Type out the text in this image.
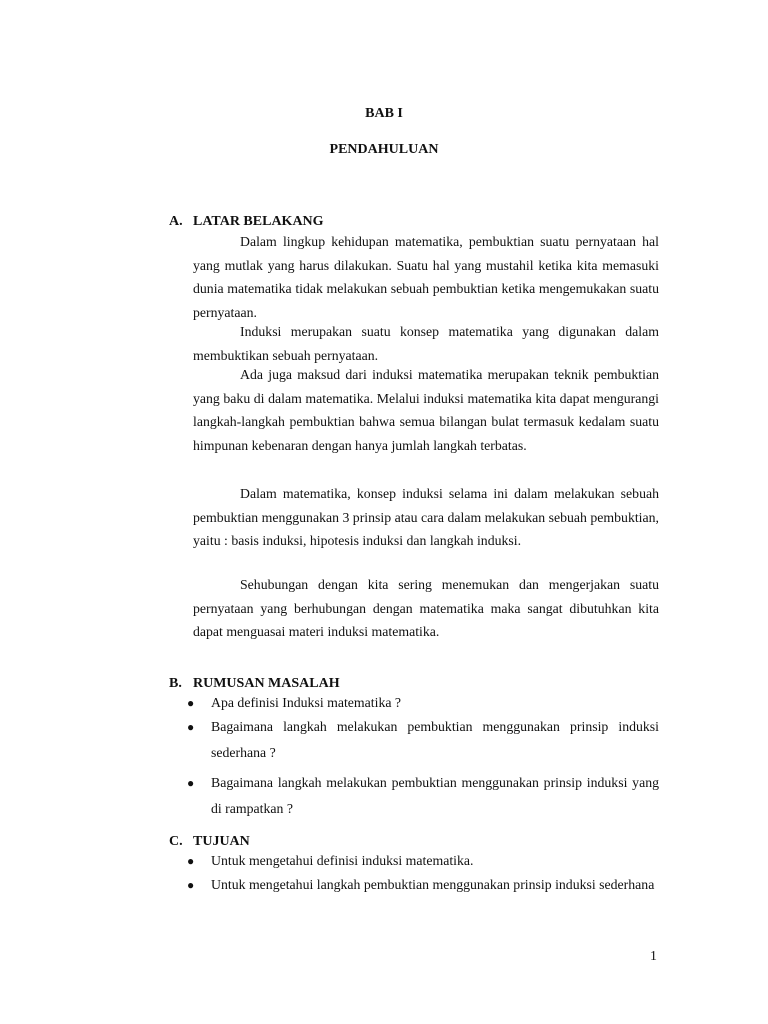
BAB I
PENDAHULUAN
A. LATAR BELAKANG

Dalam lingkup kehidupan matematika, pembuktian suatu pernyataan hal yang mutlak yang harus dilakukan. Suatu hal yang mustahil ketika kita memasuki dunia matematika tidak melakukan sebuah pembuktian ketika mengemukakan suatu pernyataan.

Induksi merupakan suatu konsep matematika yang digunakan dalam membuktikan sebuah pernyataan.

Ada juga maksud dari induksi matematika merupakan teknik pembuktian yang baku di dalam matematika. Melalui induksi matematika kita dapat mengurangi langkah-langkah pembuktian bahwa semua bilangan bulat termasuk kedalam suatu himpunan kebenaran dengan hanya jumlah langkah terbatas.

Dalam matematika, konsep induksi selama ini dalam melakukan sebuah pembuktian menggunakan 3 prinsip atau cara dalam melakukan sebuah pembuktian, yaitu : basis induksi, hipotesis induksi dan langkah induksi.

Sehubungan dengan kita sering menemukan dan mengerjakan suatu pernyataan yang berhubungan dengan matematika maka sangat dibutuhkan kita dapat menguasai materi induksi matematika.

B. RUMUSAN MASALAH
● Apa definisi Induksi matematika ?
● Bagaimana langkah melakukan pembuktian menggunakan prinsip induksi sederhana ?
● Bagaimana langkah melakukan pembuktian menggunakan prinsip induksi yang di rampatkan ?
C. TUJUAN
● Untuk mengetahui definisi induksi matematika.
● Untuk mengetahui langkah pembuktian menggunakan prinsip induksi sederhana
1
